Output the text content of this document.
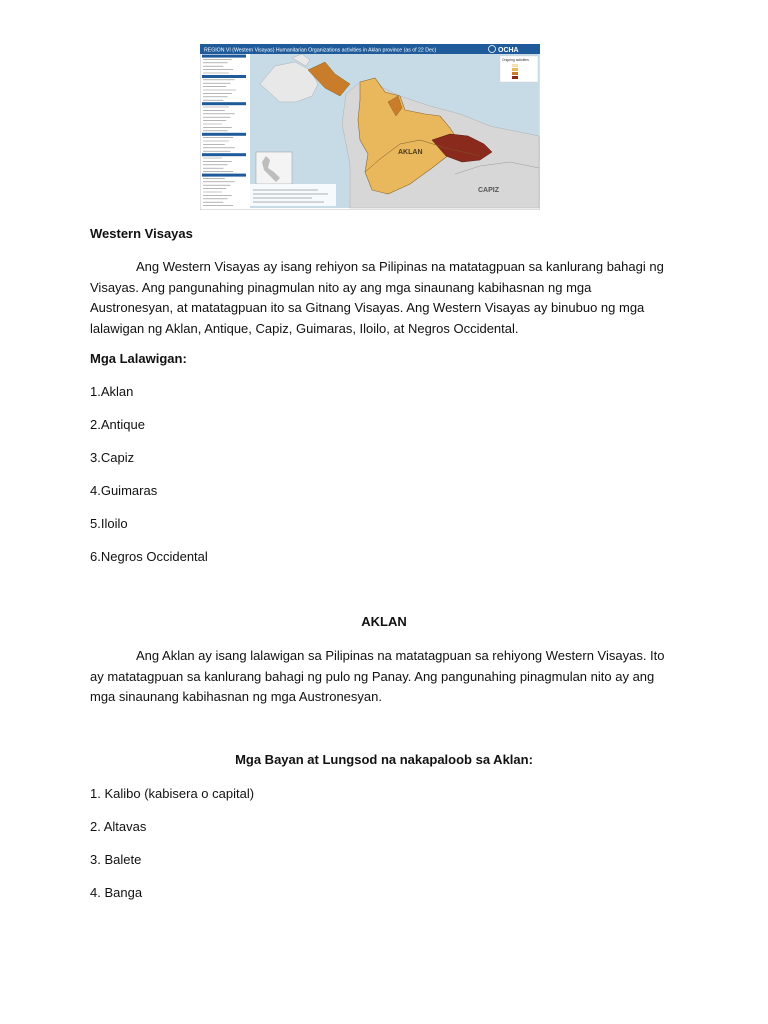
REGION VI (Western Visayas) Humanitarian Organizations activities in Aklan province (as of 22 Dec)	OCHA
AKLAN
CAPIZ
Ongoing activities
Western Visayas
Ang Western Visayas ay isang rehiyon sa Pilipinas na matatagpuan sa kanlurang bahagi ng Visayas. Ang pangunahing pinagmulan nito ay ang mga sinaunang kabihasnan ng mga Austronesyan, at matatagpuan ito sa Gitnang Visayas. Ang Western Visayas ay binubuo ng mga lalawigan ng Aklan, Antique, Capiz, Guimaras, Iloilo, at Negros Occidental.
Mga Lalawigan:
1.Aklan
2.Antique
3.Capiz
4.Guimaras
5.Iloilo
6.Negros Occidental
AKLAN
Ang Aklan ay isang lalawigan sa Pilipinas na matatagpuan sa rehiyong Western Visayas. Ito ay matatagpuan sa kanlurang bahagi ng pulo ng Panay. Ang pangunahing pinagmulan nito ay ang mga sinaunang kabihasnan ng mga Austronesyan.
Mga Bayan at Lungsod na nakapaloob sa Aklan:
1. Kalibo (kabisera o capital)
2. Altavas
3. Balete
4. Banga
